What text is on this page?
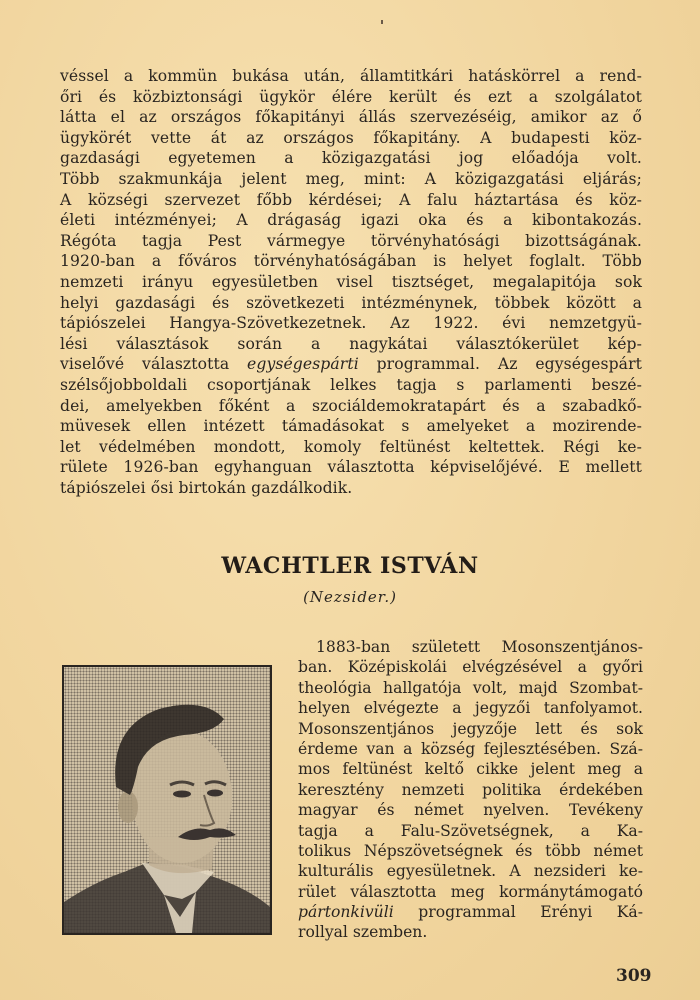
véssel a kommün bukása után, államtitkári hatáskörrel a rend-
őri és közbiztonsági ügykör élére került és ezt a szolgálatot
látta el az országos főkapitányi állás szervezéséig, amikor az ő
ügykörét vette át az országos főkapitány. A budapesti köz-
gazdasági egyetemen a közigazgatási jog előadója volt.
Több szakmunkája jelent meg, mint: A közigazgatási eljárás;
A községi szervezet főbb kérdései; A falu háztartása és köz-
életi intézményei; A drágaság igazi oka és a kibontakozás.
Régóta tagja Pest vármegye törvényhatósági bizottságának.
1920-ban a főváros törvényhatóságában is helyet foglalt. Több
nemzeti irányu egyesületben visel tisztséget, megalapitója sok
helyi gazdasági és szövetkezeti intézménynek, többek között a
tápiószelei Hangya-Szövetkezetnek. Az 1922. évi nemzetgyü-
lési választások során a nagykátai választókerület kép-
viselővé választotta egységespárti programmal. Az egységespárt
szélsőjobboldali csoportjának lelkes tagja s parlamenti beszé-
dei, amelyekben főként a szociáldemokratapárt és a szabadkő-
müvesek ellen intézett támadásokat s amelyeket a mozirende-
let védelmében mondott, komoly feltünést keltettek. Régi ke-
rülete 1926-ban egyhanguan választotta képviselőjévé. E mellett
tápiószelei ősi birtokán gazdálkodik.
WACHTLER ISTVÁN
(Nezsider.)
1883-ban született Mosonszentjános-
ban. Középiskolái elvégzésével a győri
theológia hallgatója volt, majd Szombat-
helyen elvégezte a jegyzői tanfolyamot.
Mosonszentjános jegyzője lett és sok
érdeme van a község fejlesztésében. Szá-
mos feltünést keltő cikke jelent meg a
keresztény nemzeti politika érdekében
magyar és német nyelven. Tevékeny
tagja a Falu-Szövetségnek, a Ka-
tolikus Népszövetségnek és több német
kulturális egyesületnek. A nezsideri ke-
rület választotta meg kormánytámogató
pártonkivüli programmal Erényi Ká-
rollyal szemben.
309
